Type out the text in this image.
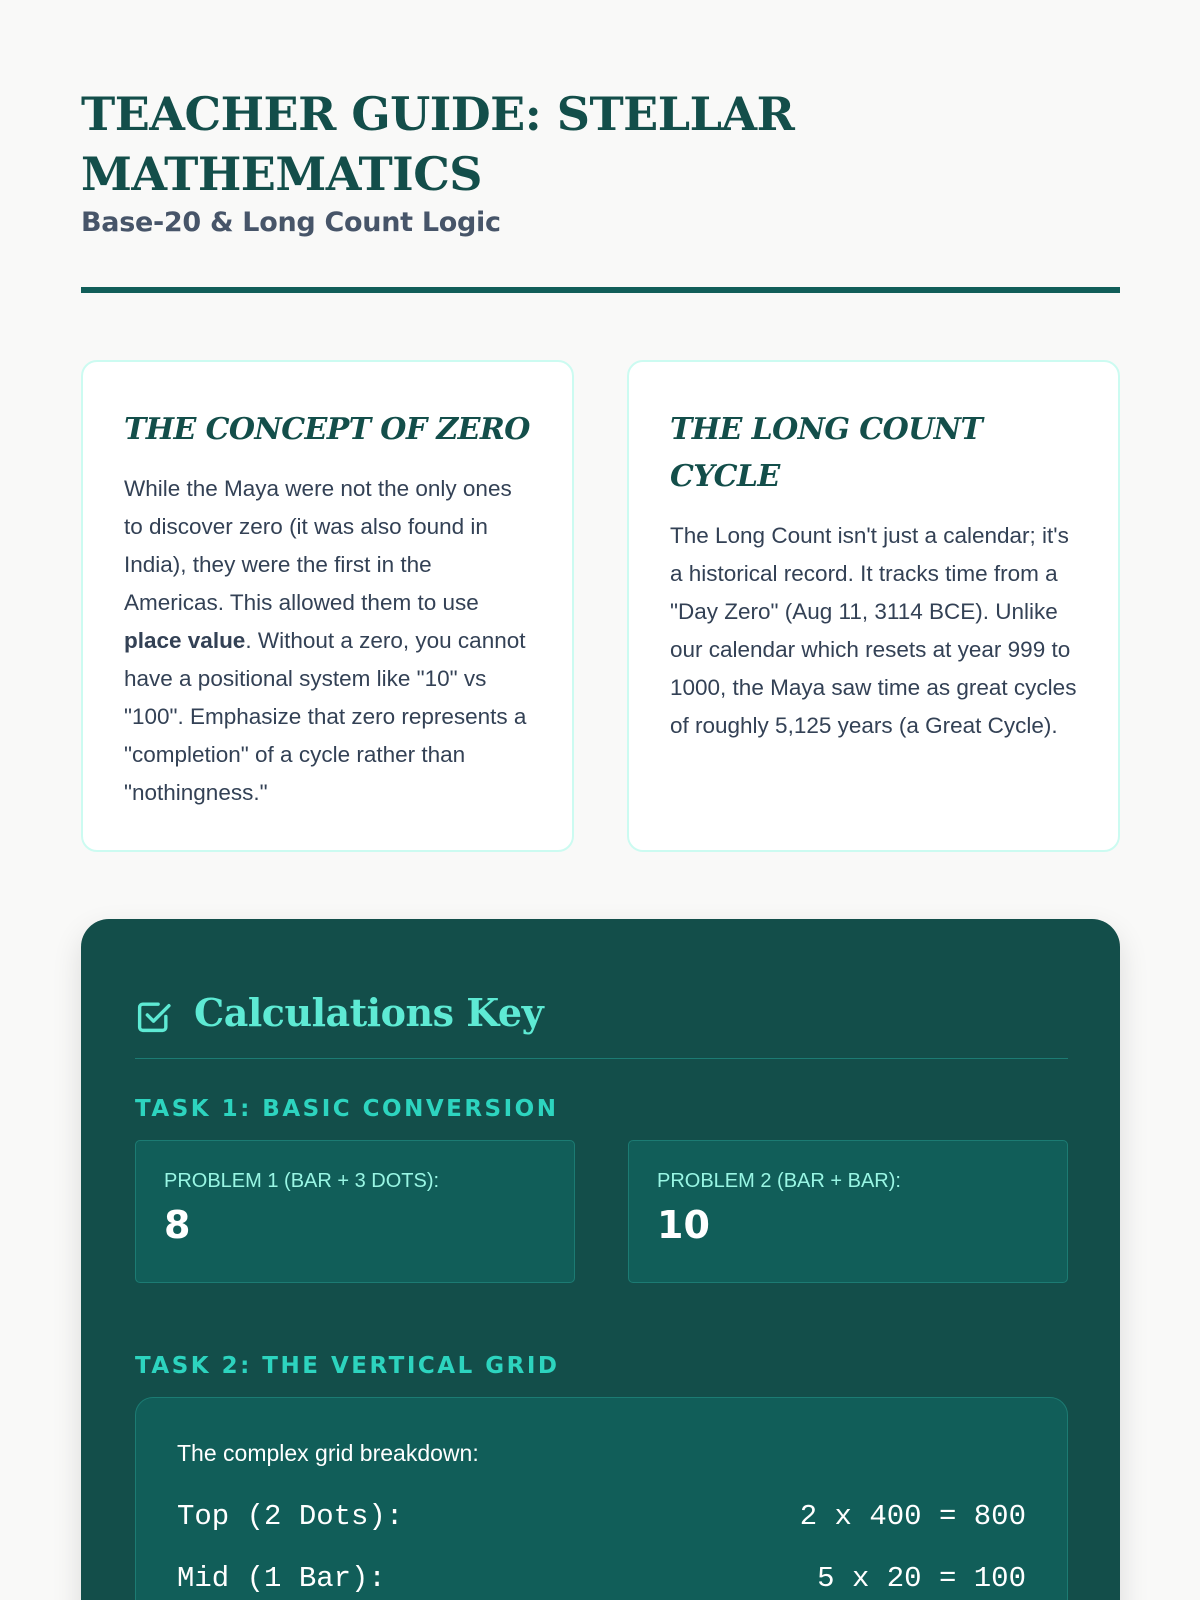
TEACHER GUIDE: STELLAR MATHEMATICS
Base-20 & Long Count Logic
THE CONCEPT OF ZERO

While the Maya were not the only ones to discover zero (it was also found in India), they were the first in the Americas. This allowed them to use place value. Without a zero, you cannot have a positional system like "10" vs "100". Emphasize that zero represents a "completion" of a cycle rather than "nothingness."

THE LONG COUNT CYCLE

The Long Count isn't just a calendar; it's a historical record. It tracks time from a "Day Zero" (Aug 11, 3114 BCE). Unlike our calendar which resets at year 999 to 1000, the Maya saw time as great cycles of roughly 5,125 years (a Great Cycle).

Calculations Key
TASK 1: BASIC CONVERSION
PROBLEM 1 (BAR + 3 DOTS):
8
PROBLEM 2 (BAR + BAR):
10
TASK 2: THE VERTICAL GRID
The complex grid breakdown:
Top (2 Dots):	2 x 400 = 800
Mid (1 Bar):	5 x 20 = 100
